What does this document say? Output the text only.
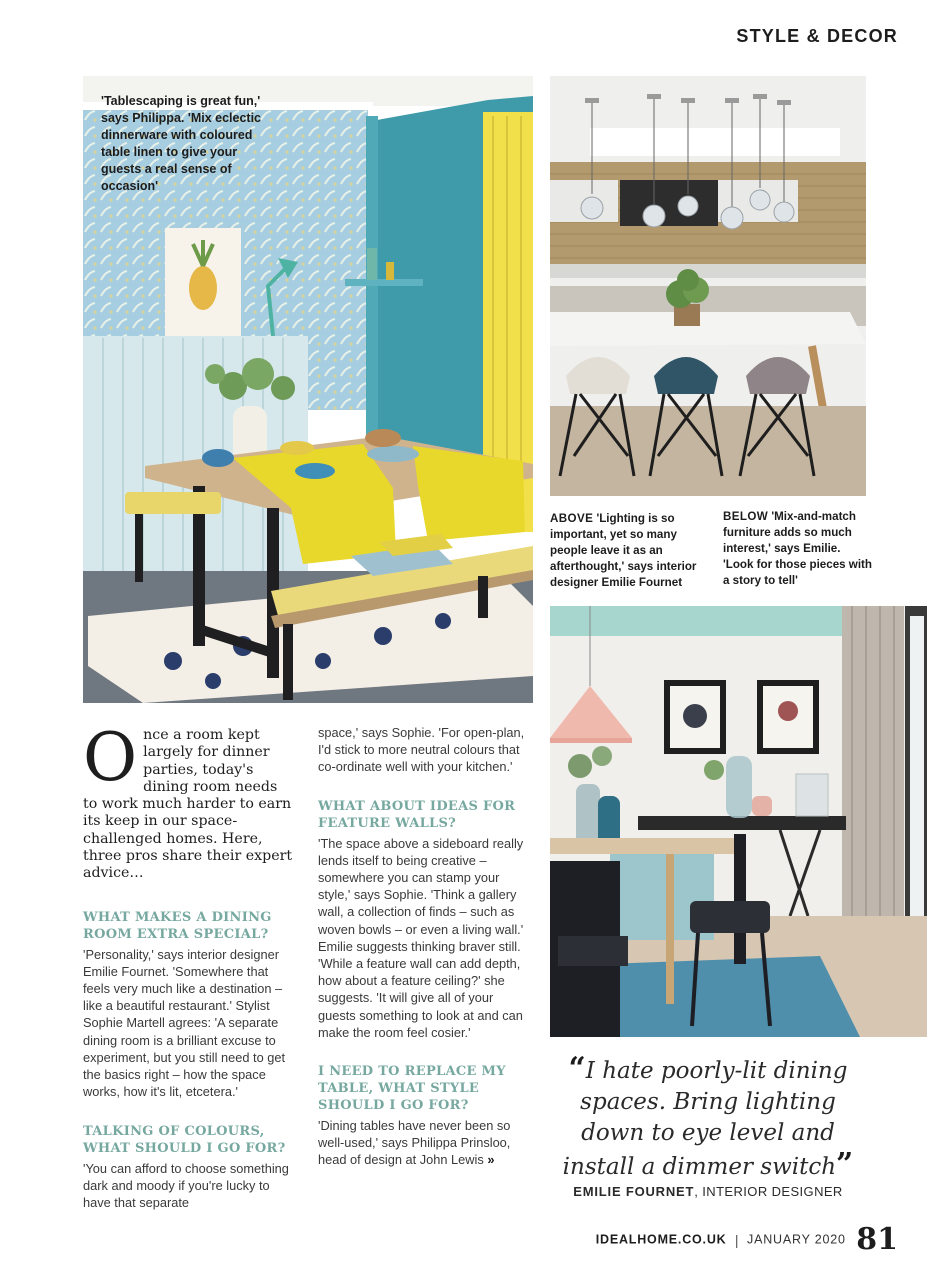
STYLE & DECOR
'Tablescaping is great fun,' says Philippa. 'Mix eclectic dinnerware with coloured table linen to give your guests a real sense of occasion'
ABOVE 'Lighting is so important, yet so many people leave it as an afterthought,' says interior designer Emilie Fournet
BELOW 'Mix-and-match furniture adds so much interest,' says Emilie. 'Look for those pieces with a story to tell'

Once a room kept largely for dinner parties, today's dining room needs to work much harder to earn its keep in our space-challenged homes. Here, three pros share their expert advice…

WHAT MAKES A DINING ROOM EXTRA SPECIAL?

'Personality,' says interior designer Emilie Fournet. 'Somewhere that feels very much like a destination – like a beautiful restaurant.' Stylist Sophie Martell agrees: 'A separate dining room is a brilliant excuse to experiment, but you still need to get the basics right – how the space works, how it's lit, etcetera.'

TALKING OF COLOURS, WHAT SHOULD I GO FOR?

'You can afford to choose something dark and moody if you're lucky to have that separate

space,' says Sophie. 'For open-plan, I'd stick to more neutral colours that co-ordinate well with your kitchen.'

WHAT ABOUT IDEAS FOR FEATURE WALLS?

'The space above a sideboard really lends itself to being creative – somewhere you can stamp your style,' says Sophie. 'Think a gallery wall, a collection of finds – such as woven bowls – or even a living wall.' Emilie suggests thinking braver still. 'While a feature wall can add depth, how about a feature ceiling?' she suggests. 'It will give all of your guests something to look at and can make the room feel cosier.'

I NEED TO REPLACE MY TABLE, WHAT STYLE SHOULD I GO FOR?

'Dining tables have never been so well-used,' says Philippa Prinsloo, head of design at John Lewis »

“I hate poorly-lit dining spaces. Bring lighting down to eye level and install a dimmer switch”
EMILIE FOURNET, INTERIOR DESIGNER
IDEALHOME.CO.UK | JANUARY 2020 81
